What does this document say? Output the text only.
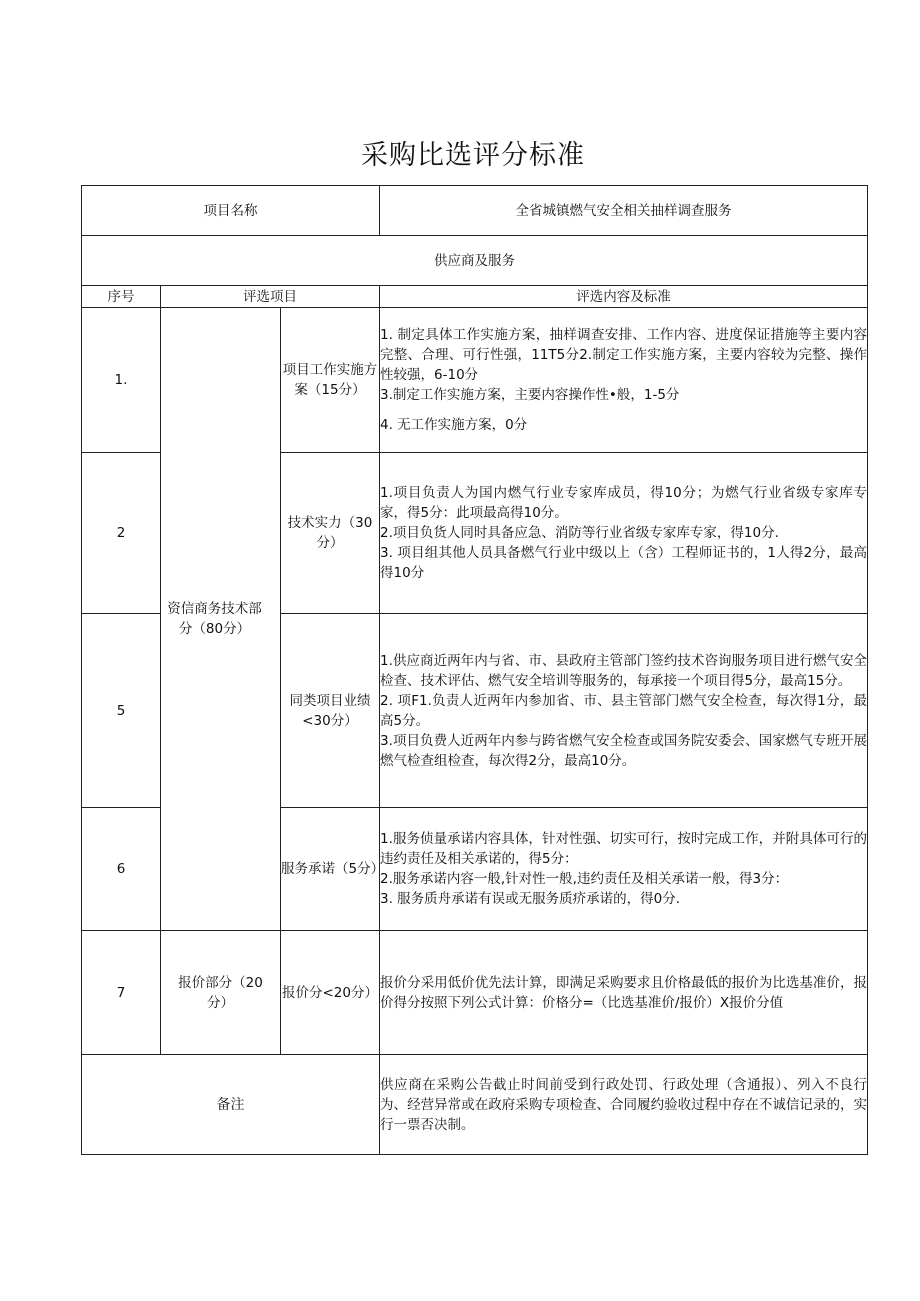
采购比选评分标准
项目名称			全省城镇燃气安全相关抽样调查服务
供应商及服务			
序号	评选项目		评选内容及标准
1.	资信商务技术部分（80分）	项目工作实施方案（15分）	1. 制定具体工作实施方案，抽样调查安排、工作内容、进度保证措施等主要内容完整、合理、可行性强，11T5分2.制定工作实施方案，主要内容较为完整、操作性较强，6-10分

3.制定工作实施方案，主要内容操作性•般，1-5分

4. 无工作实施方案，0分

2		技术实力（30分）	1.项目负责人为国内燃气行业专家库成员，得10分；为燃气行业省级专家库专家，得5分：此项最高得10分。

2.项目负货人同时具备应急、消防等行业省级专家库专家，得10分.

3. 项目组其他人员具备燃气行业中级以上（含）工程师证书的，1人得2分，最高得10分

5		同类项目业绩<30分）	1.供应商近两年内与省、市、县政府主管部门签约技术咨询服务项目进行燃气安全检查、技术评估、燃气安全培训等服务的，每承接一个项目得5分，最高15分。

2. 项F1.负责人近两年内参加省、市、县主管部门燃气安全检查，每次得1分，最高5分。

3.项目负费人近两年内参与跨省燃气安全检查或国务院安委会、国家燃气专班开展燃气检查组检查，每次得2分，最高10分。

6		服务承诺（5分）	1.服务侦量承诺内容具体，针对性强、切实可行，按时完成工作，并附具体可行的违约责任及相关承诺的，得5分：

2.服务承诺内容一般,针对性一般,违约责任及相关承诺一般，得3分：

3. 服务质舟承诺有误或无服务质疥承诺的，得0分.

7	报价部分（20分）	报价分<20分）	报价分采用低价优先法计算，即满足采购要求且价格最低的报价为比选基准价，报价得分按照下列公式计算：价格分=（比选基准价/报价）X报价分值

备注			供应商在采购公告截止时间前受到行政处罚、行政处理（含通报）、列入不良行为、经营异常或在政府采购专项检查、合同履约验收过程中存在不诚信记录的，实行一票否决制。
